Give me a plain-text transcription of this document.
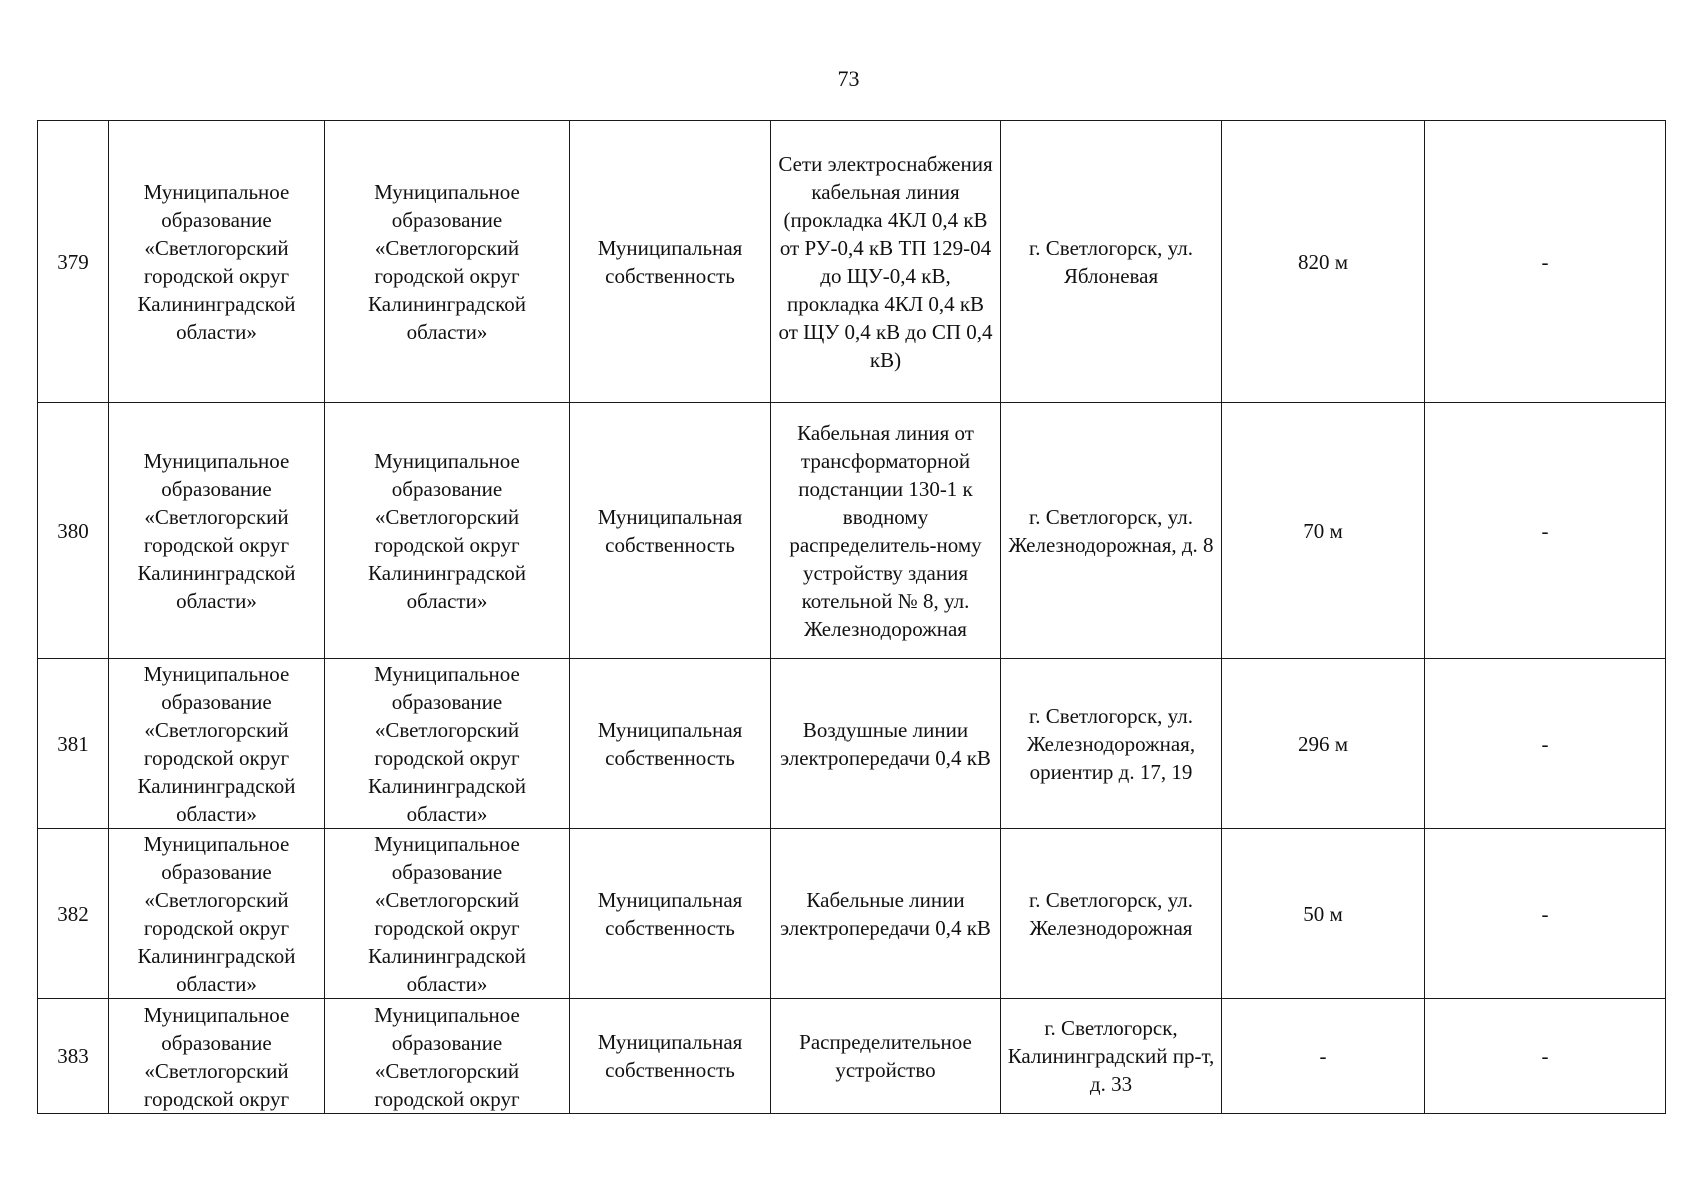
73
379	Муниципальное образование «Светлогорский городской округ Калининградской области»	Муниципальное образование «Светлогорский городской округ Калининградской области»	Муниципальная собственность	Сети электроснабжения кабельная линия (прокладка 4КЛ 0,4 кВ от РУ-0,4 кВ ТП 129-04 до ЩУ-0,4 кВ, прокладка 4КЛ 0,4 кВ от ЩУ 0,4 кВ до СП 0,4 кВ)	г. Светлогорск, ул. Яблоневая	820 м	-
380	Муниципальное образование «Светлогорский городской округ Калининградской области»	Муниципальное образование «Светлогорский городской округ Калининградской области»	Муниципальная собственность	Кабельная линия от трансформаторной подстанции 130-1 к вводному распределитель-ному устройству здания котельной № 8, ул. Железнодорожная	г. Светлогорск, ул. Железнодорожная, д. 8	70 м	-
381	Муниципальное образование «Светлогорский городской округ Калининградской области»	Муниципальное образование «Светлогорский городской округ Калининградской области»	Муниципальная собственность	Воздушные линии электропередачи 0,4 кВ	г. Светлогорск, ул. Железнодорожная, ориентир д. 17, 19	296 м	-
382	Муниципальное образование «Светлогорский городской округ Калининградской области»	Муниципальное образование «Светлогорский городской округ Калининградской области»	Муниципальная собственность	Кабельные линии электропередачи 0,4 кВ	г. Светлогорск, ул. Железнодорожная	50 м	-
383	Муниципальное образование «Светлогорский городской округ	Муниципальное образование «Светлогорский городской округ	Муниципальная собственность	Распределительное устройство	г. Светлогорск, Калининградский пр-т, д. 33	-	-
